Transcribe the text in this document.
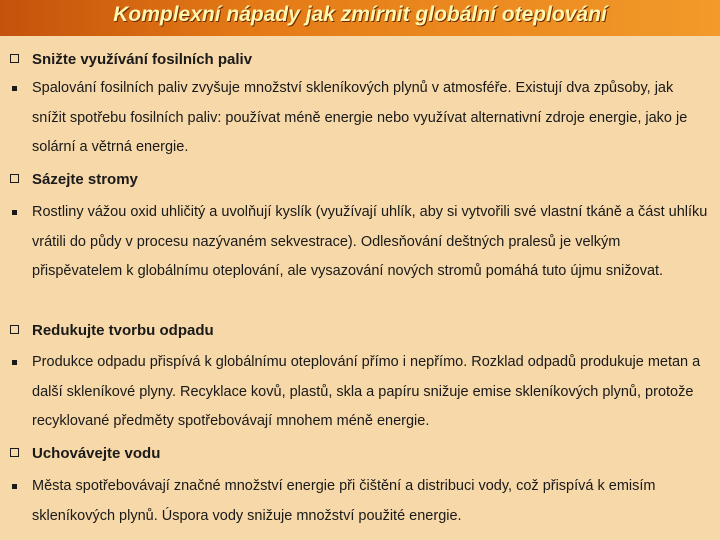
Komplexní nápady jak zmírnit globální oteplování
Snižte využívání fosilních paliv
Spalování fosilních paliv zvyšuje množství skleníkových plynů v atmosféře. Existují dva způsoby, jak snížit spotřebu fosilních paliv: používat méně energie nebo využívat alternativní zdroje energie, jako je solární a větrná energie.
Sázejte stromy
Rostliny vážou oxid uhličitý a uvolňují kyslík (využívají uhlík, aby si vytvořili své vlastní tkáně a část uhlíku vrátili do půdy v procesu nazývaném sekvestrace). Odlesňování deštných pralesů je velkým přispěvatelem k globálnímu oteplování, ale vysazování nových stromů pomáhá tuto újmu snižovat.
Redukujte tvorbu odpadu
Produkce odpadu přispívá k globálnímu oteplování přímo i nepřímo. Rozklad odpadů produkuje metan a další skleníkové plyny. Recyklace kovů, plastů, skla a papíru snižuje emise skleníkových plynů, protože recyklované předměty spotřebovávají mnohem méně energie.
Uchovávejte vodu
Města spotřebovávají značné množství energie při čištění a distribuci vody, což přispívá k emisím skleníkových plynů. Úspora vody snižuje množství použité energie.
